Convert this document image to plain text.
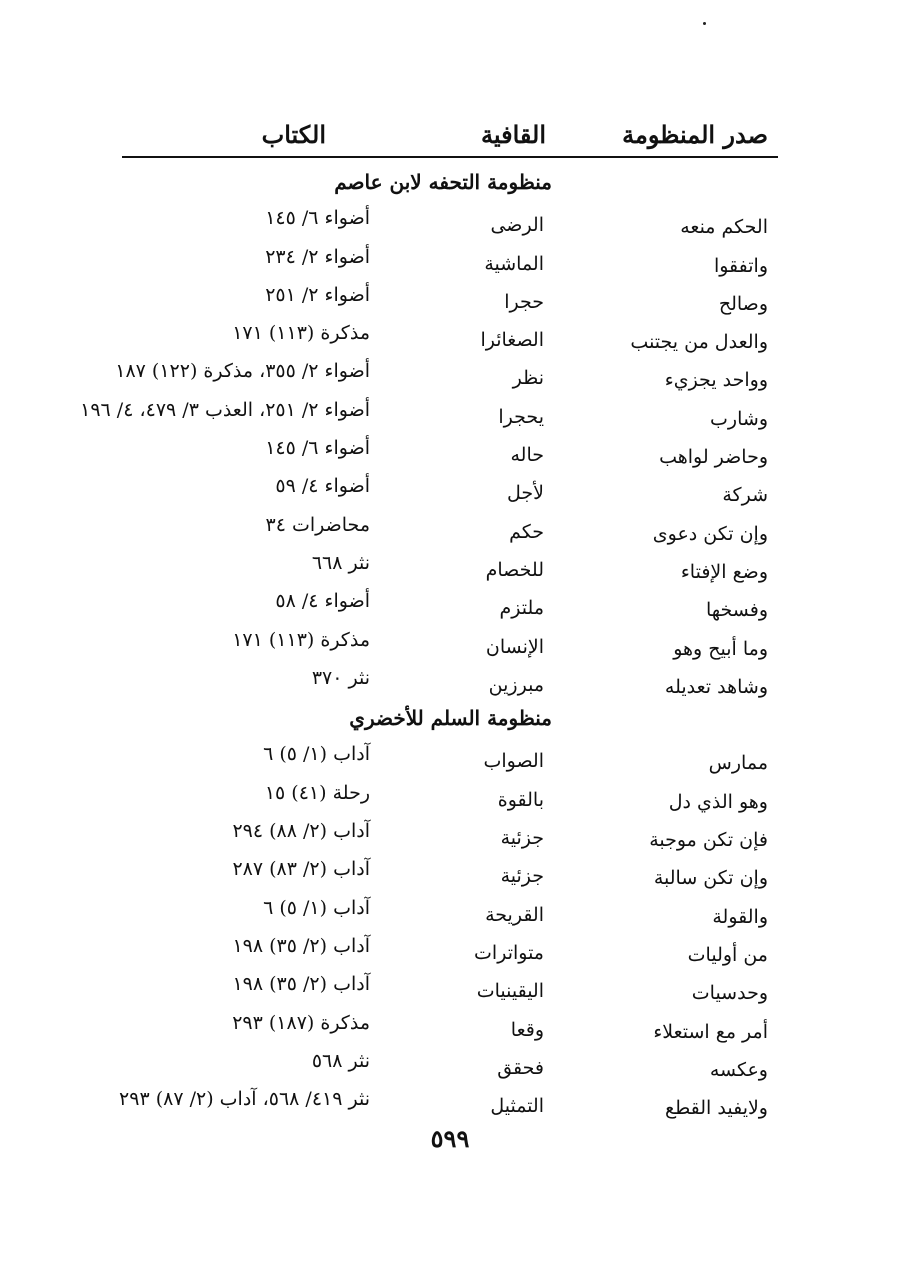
صدر المنظومة
القافية
الكتاب
منظومة التحفه لابن عاصم
الحكم منعه
الرضى
أضواء ٦/ ١٤٥
واتفقوا
الماشية
أضواء ٢/ ٢٣٤
وصالح
حجرا
أضواء ٢/ ٢٥١
والعدل من يجتنب
الصغائرا
مذكرة (١١٣) ١٧١
وواحد يجزيء
نظر
أضواء ٢/ ٣٥٥، مذكرة (١٢٢) ١٨٧
وشارب
يحجرا
أضواء ٢/ ٢٥١، العذب ٣/ ٤٧٩، ٤/ ١٩٦
وحاضر لواهب
حاله
أضواء ٦/ ١٤٥
شركة
لأجل
أضواء ٤/ ٥٩
وإن تكن دعوى
حكم
محاضرات ٣٤
وضع الإفتاء
للخصام
نثر ٦٦٨
وفسخها
ملتزم
أضواء ٤/ ٥٨
وما أبيح وهو
الإنسان
مذكرة (١١٣) ١٧١
وشاهد تعديله
مبرزين
نثر ٣٧٠
منظومة السلم للأخضري
ممارس
الصواب
آداب (١/ ٥) ٦
وهو الذي دل
بالقوة
رحلة (٤١) ١٥
فإن تكن موجبة
جزئية
آداب (٢/ ٨٨) ٢٩٤
وإن تكن سالبة
جزئية
آداب (٢/ ٨٣) ٢٨٧
والقولة
القريحة
آداب (١/ ٥) ٦
من أوليات
متواترات
آداب (٢/ ٣٥) ١٩٨
وحدسيات
اليقينيات
آداب (٢/ ٣٥) ١٩٨
أمر مع استعلاء
وقعا
مذكرة (١٨٧) ٢٩٣
وعكسه
فحقق
نثر ٥٦٨
ولايفيد القطع
التمثيل
نثر ٤١٩/ ٥٦٨، آداب (٢/ ٨٧) ٢٩٣
٥٩٩
